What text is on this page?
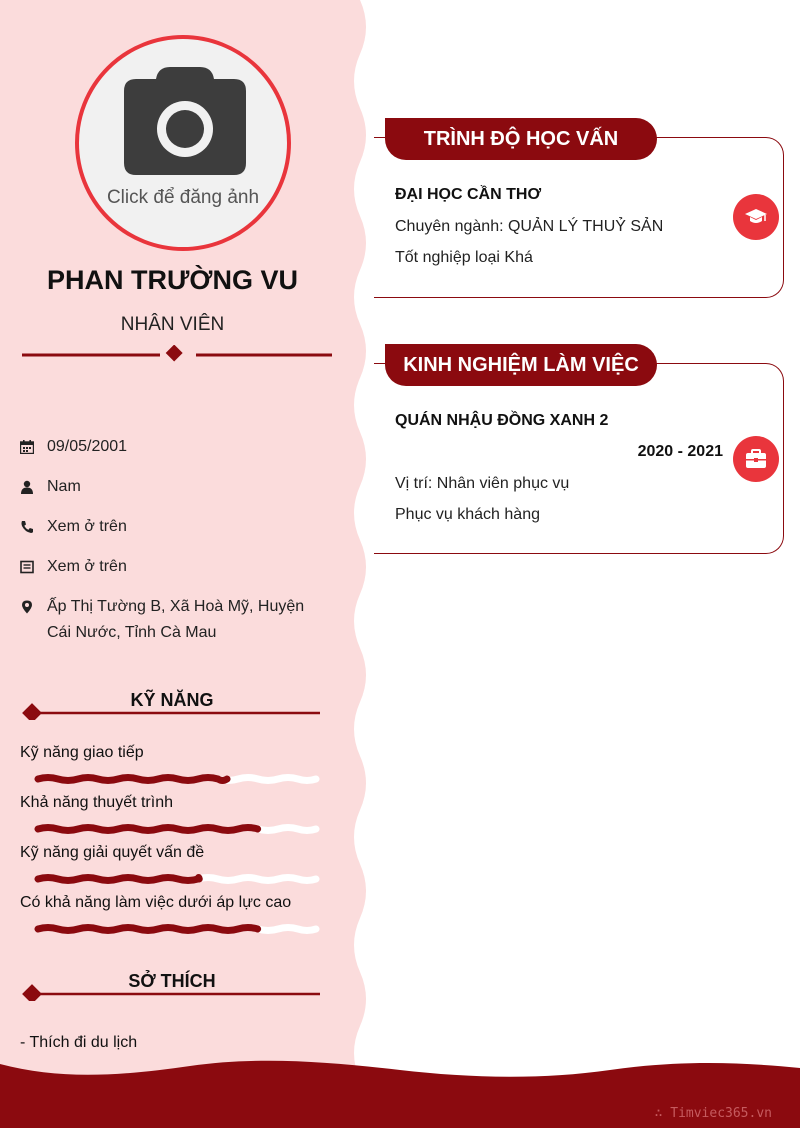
Click để đăng ảnh
PHAN TRƯỜNG VU
NHÂN VIÊN
09/05/2001
Nam
Xem ở trên
Xem ở trên
Ấp Thị Tường B, Xã Hoà Mỹ, Huyện Cái Nước, Tỉnh Cà Mau
KỸ NĂNG
Kỹ năng giao tiếp
Khả năng thuyết trình
Kỹ năng giải quyết vấn đề
Có khả năng làm việc dưới áp lực cao
SỞ THÍCH
- Thích đi du lịch
ĐẠI HỌC CẦN THƠ
Chuyên ngành: QUẢN LÝ THUỶ SẢN
Tốt nghiệp loại Khá
TRÌNH ĐỘ HỌC VẤN
QUÁN NHẬU ĐỒNG XANH 2
2020 - 2021
Vị trí: Nhân viên phục vụ
Phục vụ khách hàng
KINH NGHIỆM LÀM VIỆC
∴ Timviec365.vn
